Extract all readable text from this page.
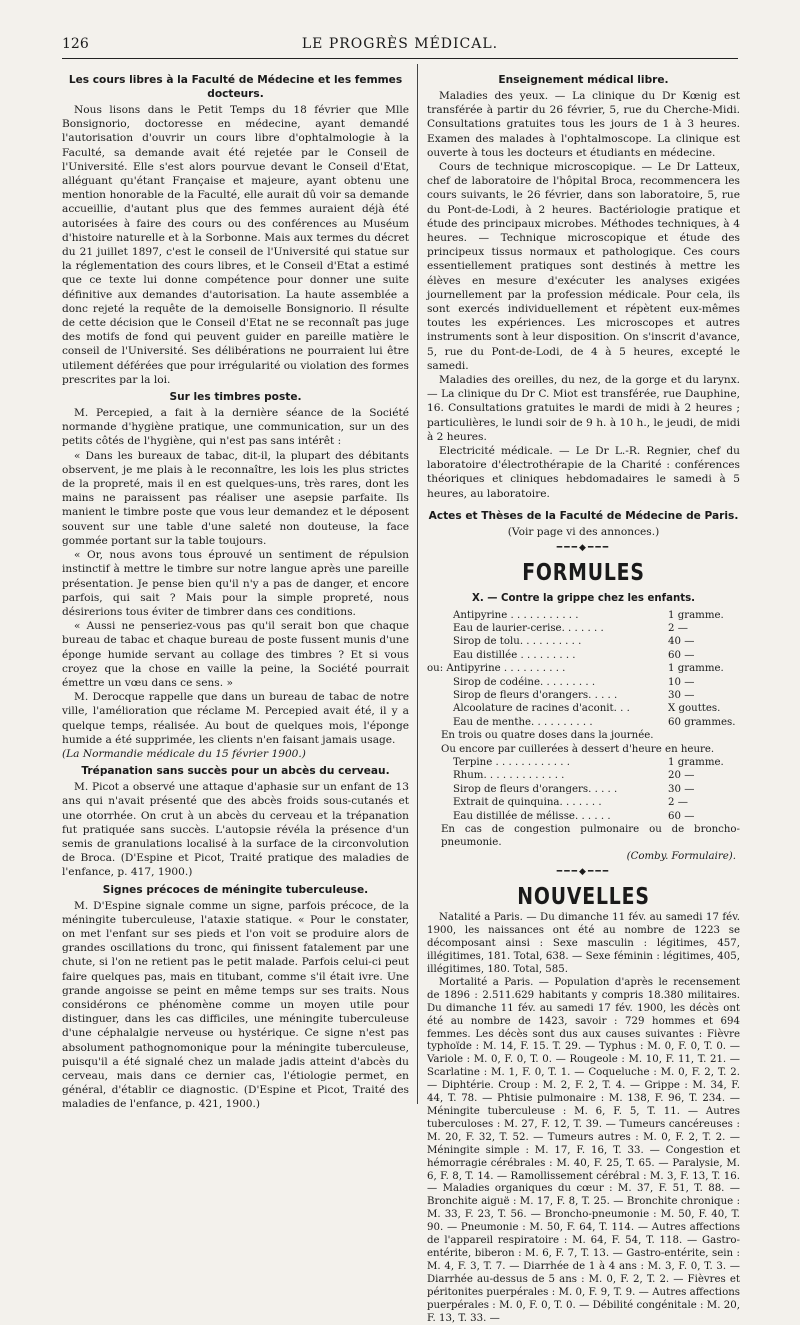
126	LE PROGRÈS MÉDICAL.
Les cours libres à la Faculté de Médecine et les femmes docteurs.

Nous lisons dans le Petit Temps du 18 février que Mlle Bonsignorio, doctoresse en médecine, ayant demandé l'autorisation d'ouvrir un cours libre d'ophtalmologie à la Faculté, sa demande avait été rejetée par le Conseil de l'Université. Elle s'est alors pourvue devant le Conseil d'Etat, alléguant qu'étant Française et majeure, ayant obtenu une mention honorable de la Faculté, elle aurait dû voir sa demande accueillie, d'autant plus que des femmes auraient déjà été autorisées à faire des cours ou des conférences au Muséum d'histoire naturelle et à la Sorbonne. Mais aux termes du décret du 21 juillet 1897, c'est le conseil de l'Université qui statue sur la réglementation des cours libres, et le Conseil d'Etat a estimé que ce texte lui donne compétence pour donner une suite définitive aux demandes d'autorisation. La haute assemblée a donc rejeté la requête de la demoiselle Bonsignorio. Il résulte de cette décision que le Conseil d'Etat ne se reconnaît pas juge des motifs de fond qui peuvent guider en pareille matière le conseil de l'Université. Ses délibérations ne pourraient lui être utilement déférées que pour irrégularité ou violation des formes prescrites par la loi.

Sur les timbres poste.

M. Percepied, a fait à la dernière séance de la Société normande d'hygiène pratique, une communication, sur un des petits côtés de l'hygiène, qui n'est pas sans intérêt :

« Dans les bureaux de tabac, dit-il, la plupart des débitants observent, je me plais à le reconnaître, les lois les plus strictes de la propreté, mais il en est quelques-uns, très rares, dont les mains ne paraissent pas réaliser une asepsie parfaite. Ils manient le timbre poste que vous leur demandez et le déposent souvent sur une table d'une saleté non douteuse, la face gommée portant sur la table toujours.

« Or, nous avons tous éprouvé un sentiment de répulsion instinctif à mettre le timbre sur notre langue après une pareille présentation. Je pense bien qu'il n'y a pas de danger, et encore parfois, qui sait ? Mais pour la simple propreté, nous désirerions tous éviter de timbrer dans ces conditions.

« Aussi ne penseriez-vous pas qu'il serait bon que chaque bureau de tabac et chaque bureau de poste fussent munis d'une éponge humide servant au collage des timbres ? Et si vous croyez que la chose en vaille la peine, la Société pourrait émettre un vœu dans ce sens. »

M. Derocque rappelle que dans un bureau de tabac de notre ville, l'amélioration que réclame M. Percepied avait été, il y a quelque temps, réalisée. Au bout de quelques mois, l'éponge humide a été supprimée, les clients n'en faisant jamais usage.

(La Normandie médicale du 15 février 1900.)

Trépanation sans succès pour un abcès du cerveau.

M. Picot a observé une attaque d'aphasie sur un enfant de 13 ans qui n'avait présenté que des abcès froids sous-cutanés et une otorrhée. On crut à un abcès du cerveau et la trépanation fut pratiquée sans succès. L'autopsie révéla la présence d'un semis de granulations localisé à la surface de la circonvolution de Broca. (D'Espine et Picot, Traité pratique des maladies de l'enfance, p. 417, 1900.)

Signes précoces de méningite tuberculeuse.

M. D'Espine signale comme un signe, parfois précoce, de la méningite tuberculeuse, l'ataxie statique. « Pour le constater, on met l'enfant sur ses pieds et l'on voit se produire alors de grandes oscillations du tronc, qui finissent fatalement par une chute, si l'on ne retient pas le petit malade. Parfois celui-ci peut faire quelques pas, mais en titubant, comme s'il était ivre. Une grande angoisse se peint en même temps sur ses traits. Nous considérons ce phénomène comme un moyen utile pour distinguer, dans les cas difficiles, une méningite tuberculeuse d'une céphalalgie nerveuse ou hystérique. Ce signe n'est pas absolument pathognomonique pour la méningite tuberculeuse, puisqu'il a été signalé chez un malade jadis atteint d'abcès du cerveau, mais dans ce dernier cas, l'étiologie permet, en général, d'établir ce diagnostic. (D'Espine et Picot, Traité des maladies de l'enfance, p. 421, 1900.)

Enseignement médical libre.

Maladies des yeux. — La clinique du Dr Kœnig est transférée à partir du 26 février, 5, rue du Cherche-Midi. Consultations gratuites tous les jours de 1 à 3 heures. Examen des malades à l'ophtalmoscope. La clinique est ouverte à tous les docteurs et étudiants en médecine.

Cours de technique microscopique. — Le Dr Latteux, chef de laboratoire de l'hôpital Broca, recommencera les cours suivants, le 26 février, dans son laboratoire, 5, rue du Pont-de-Lodi, à 2 heures. Bactériologie pratique et étude des principaux microbes. Méthodes techniques, à 4 heures. — Technique microscopique et étude des principeux tissus normaux et pathologique. Ces cours essentiellement pratiques sont destinés à mettre les élèves en mesure d'exécuter les analyses exigées journellement par la profession médicale. Pour cela, ils sont exercés individuellement et répètent eux-mêmes toutes les expériences. Les microscopes et autres instruments sont à leur disposition. On s'inscrit d'avance, 5, rue du Pont-de-Lodi, de 4 à 5 heures, excepté le samedi.

Maladies des oreilles, du nez, de la gorge et du larynx. — La clinique du Dr C. Miot est transférée, rue Dauphine, 16. Consultations gratuites le mardi de midi à 2 heures ; particulières, le lundi soir de 9 h. à 10 h., le jeudi, de midi à 2 heures.

Electricité médicale. — Le Dr L.-R. Regnier, chef du laboratoire d'électrothérapie de la Charité : conférences théoriques et cliniques hebdomadaires le samedi à 5 heures, au laboratoire.

Actes et Thèses de la Faculté de Médecine de Paris.
(Voir page vi des annonces.)
━━━◆━━━
FORMULES
X. — Contre la grippe chez les enfants.
Antipyrine . . . . . . . . . . .	1 gramme.
Eau de laurier-cerise. . . . . . .	2 —
Sirop de tolu. . . . . . . . . .	40 —
Eau distillée . . . . . . . . .	60 —
ou: Antipyrine . . . . . . . . . .	1 gramme.
Sirop de codéine. . . . . . . . .	10 —
Sirop de fleurs d'orangers. . . . .	30 —
Alcoolature de racines d'aconit. . .	X gouttes.
Eau de menthe. . . . . . . . . .	60 grammes.
En trois ou quatre doses dans la journée.
Ou encore par cuillerées à dessert d'heure en heure.
Terpine . . . . . . . . . . . .	1 gramme.
Rhum. . . . . . . . . . . . .	20 —
Sirop de fleurs d'orangers. . . . .	30 —
Extrait de quinquina. . . . . . .	2 —
Eau distillée de mélisse. . . . . .	60 —
En cas de congestion pulmonaire ou de broncho-pneumonie.
(Comby. Formulaire).
━━━◆━━━
NOUVELLES

Natalité a Paris. — Du dimanche 11 fév. au samedi 17 fév. 1900, les naissances ont été au nombre de 1223 se décomposant ainsi : Sexe masculin : légitimes, 457, illégitimes, 181. Total, 638. — Sexe féminin : légitimes, 405, illégitimes, 180. Total, 585.

Mortalité a Paris. — Population d'après le recensement de 1896 : 2.511.629 habitants y compris 18.380 militaires. Du dimanche 11 fév. au samedi 17 fév. 1900, les décès ont été au nombre de 1423, savoir : 729 hommes et 694 femmes. Les décès sont dus aux causes suivantes : Fièvre typhoïde : M. 14, F. 15. T. 29. — Typhus : M. 0, F. 0, T. 0. — Variole : M. 0, F. 0, T. 0. — Rougeole : M. 10, F. 11, T. 21. — Scarlatine : M. 1, F. 0, T. 1. — Coqueluche : M. 0, F. 2, T. 2. — Diphtérie. Croup : M. 2, F. 2, T. 4. — Grippe : M. 34, F. 44, T. 78. — Phtisie pulmonaire : M. 138, F. 96, T. 234. — Méningite tuberculeuse : M. 6, F. 5, T. 11. — Autres tuberculoses : M. 27, F. 12, T. 39. — Tumeurs cancéreuses : M. 20, F. 32, T. 52. — Tumeurs autres : M. 0, F. 2, T. 2. — Méningite simple : M. 17, F. 16, T. 33. — Congestion et hémorragie cérébrales : M. 40, F. 25, T. 65. — Paralysie, M. 6, F. 8, T. 14. — Ramollissement cérébral : M. 3, F. 13, T. 16. — Maladies organiques du cœur : M. 37, F. 51, T. 88. — Bronchite aiguë : M. 17, F. 8, T. 25. — Bronchite chronique : M. 33, F. 23, T. 56. — Broncho-pneumonie : M. 50, F. 40, T. 90. — Pneumonie : M. 50, F. 64, T. 114. — Autres affections de l'appareil respiratoire : M. 64, F. 54, T. 118. — Gastro-entérite, biberon : M. 6, F. 7, T. 13. — Gastro-entérite, sein : M. 4, F. 3, T. 7. — Diarrhée de 1 à 4 ans : M. 3, F. 0, T. 3. — Diarrhée au-dessus de 5 ans : M. 0, F. 2, T. 2. — Fièvres et péritonites puerpérales : M. 0, F. 9, T. 9. — Autres affections puerpérales : M. 0, F. 0, T. 0. — Débilité congénitale : M. 20, F. 13, T. 33. —
